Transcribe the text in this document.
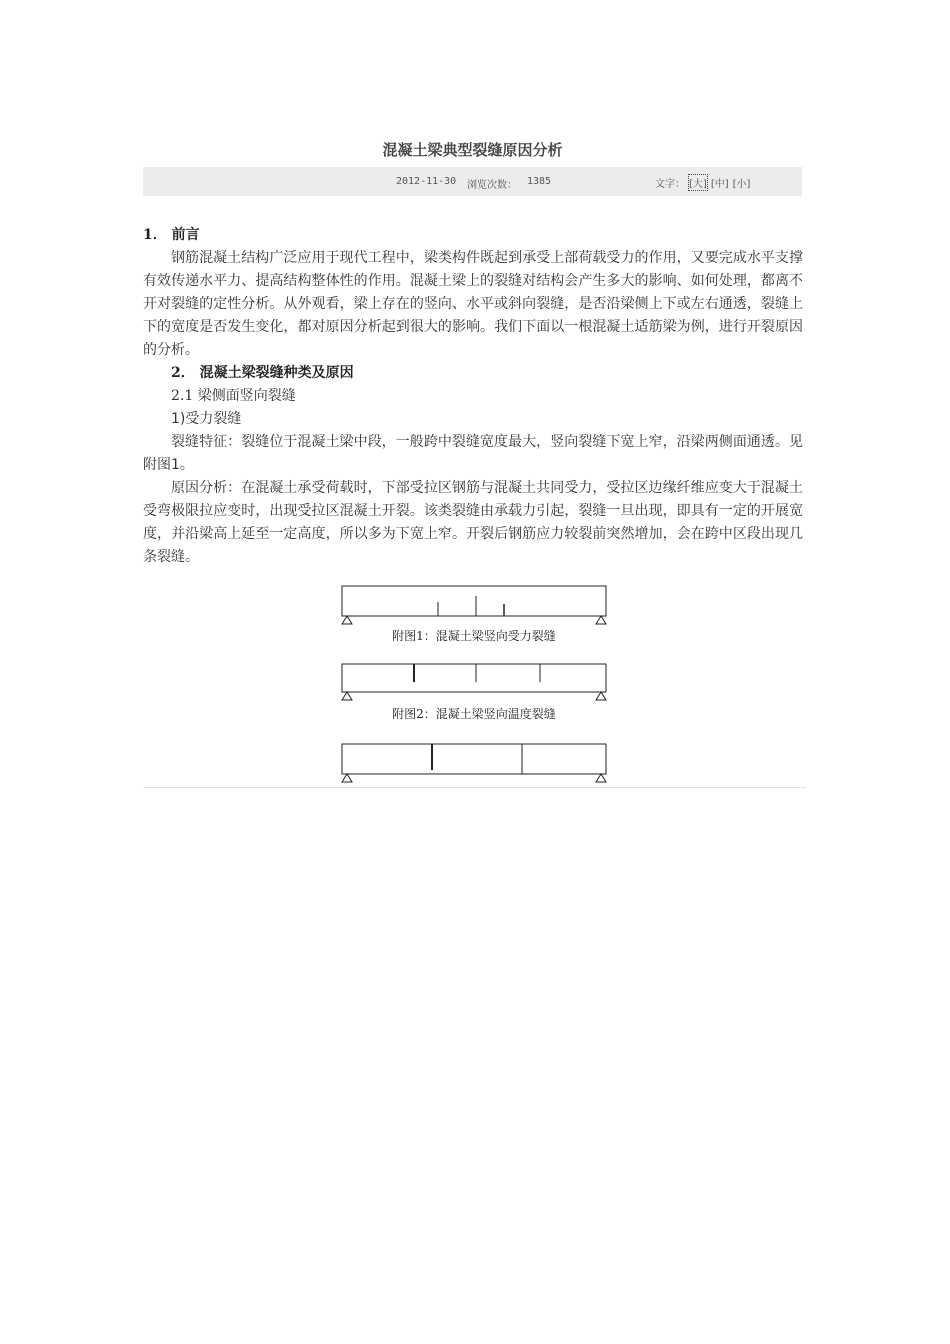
混凝土梁典型裂缝原因分析
2012-11-30 浏览次数： 1385	文字： [大] [中] [小]

1． 前言

钢筋混凝土结构广泛应用于现代工程中，梁类构件既起到承受上部荷载受力的作用，又要完成水平支撑有效传递水平力、提高结构整体性的作用。混凝土梁上的裂缝对结构会产生多大的影响、如何处理，都离不开对裂缝的定性分析。从外观看，梁上存在的竖向、水平或斜向裂缝，是否沿梁侧上下或左右通透，裂缝上下的宽度是否发生变化，都对原因分析起到很大的影响。我们下面以一根混凝土适筋梁为例，进行开裂原因的分析。

2． 混凝土梁裂缝种类及原因

2.1 梁侧面竖向裂缝

1)受力裂缝

裂缝特征：裂缝位于混凝土梁中段，一般跨中裂缝宽度最大，竖向裂缝下宽上窄，沿梁两侧面通透。见附图1。

原因分析：在混凝土承受荷载时，下部受拉区钢筋与混凝土共同受力，受拉区边缘纤维应变大于混凝土受弯极限拉应变时，出现受拉区混凝土开裂。该类裂缝由承载力引起，裂缝一旦出现，即具有一定的开展宽度，并沿梁高上延至一定高度，所以多为下宽上窄。开裂后钢筋应力较裂前突然增加，会在跨中区段出现几条裂缝。

附图1：混凝土梁竖向受力裂缝
附图2：混凝土梁竖向温度裂缝
